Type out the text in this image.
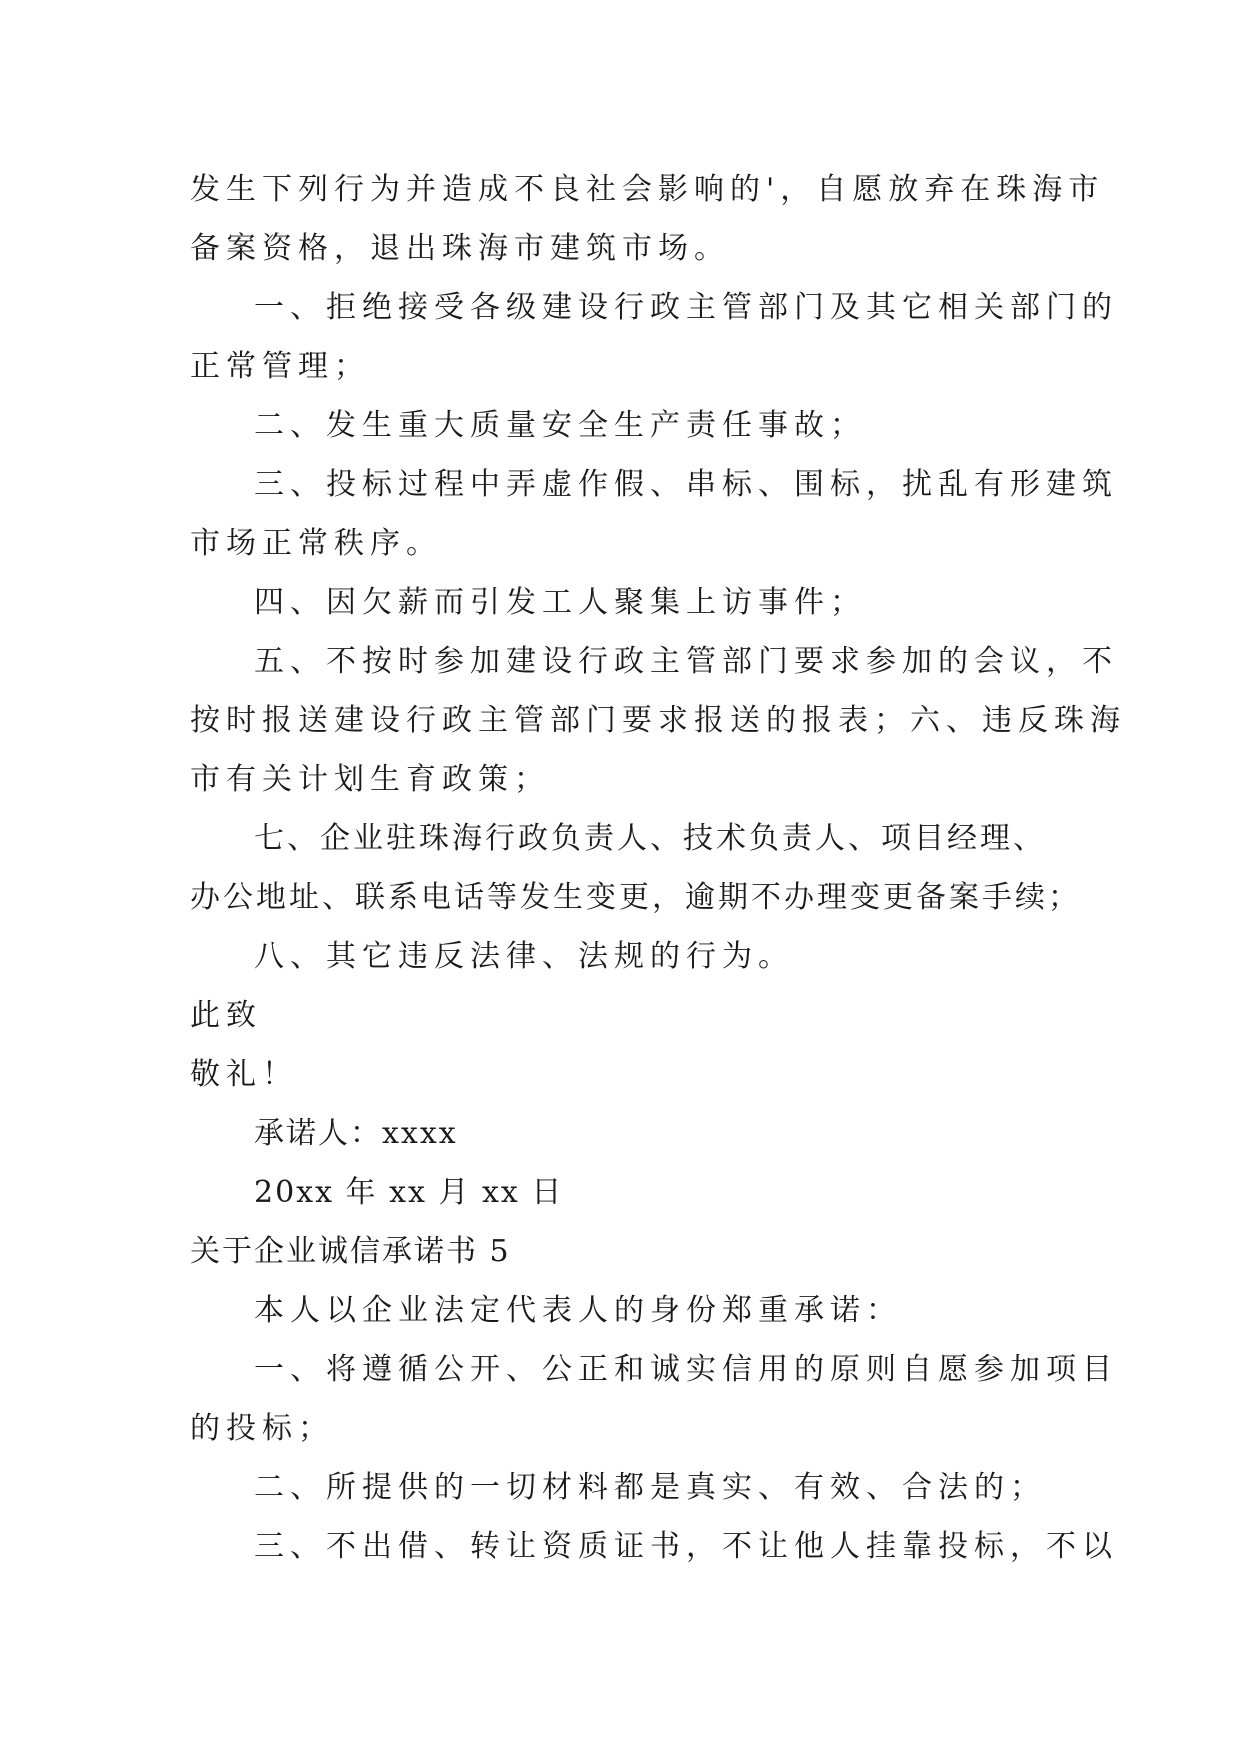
发生下列行为并造成不良社会影响的'，自愿放弃在珠海市
备案资格，退出珠海市建筑市场。
一、拒绝接受各级建设行政主管部门及其它相关部门的
正常管理；
二、发生重大质量安全生产责任事故；
三、投标过程中弄虚作假、串标、围标，扰乱有形建筑
市场正常秩序。
四、因欠薪而引发工人聚集上访事件；
五、不按时参加建设行政主管部门要求参加的会议，不
按时报送建设行政主管部门要求报送的报表；六、违反珠海
市有关计划生育政策；
七、企业驻珠海行政负责人、技术负责人、项目经理、
办公地址、联系电话等发生变更，逾期不办理变更备案手续；
八、其它违反法律、法规的行为。
此致
敬礼！
承诺人：xxxx
20xx 年 xx 月 xx 日
关于企业诚信承诺书 5
本人以企业法定代表人的身份郑重承诺：
一、将遵循公开、公正和诚实信用的原则自愿参加项目
的投标；
二、所提供的一切材料都是真实、有效、合法的；
三、不出借、转让资质证书，不让他人挂靠投标，不以
